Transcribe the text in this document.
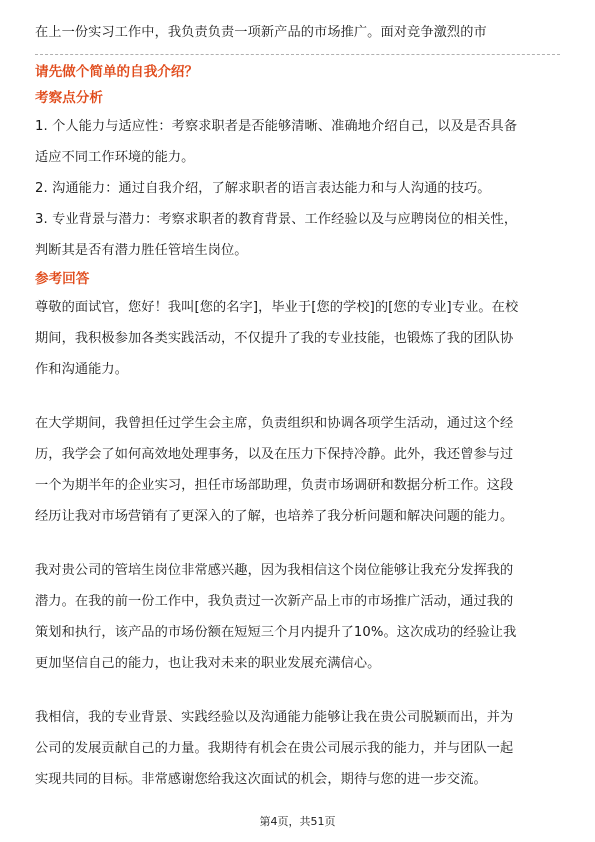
在上一份实习工作中，我负责负责一项新产品的市场推广。面对竞争激烈的市
请先做个简单的自我介绍？
考察点分析
1. 个人能力与适应性：考察求职者是否能够清晰、准确地介绍自己，以及是否具备
适应不同工作环境的能力。
2. 沟通能力：通过自我介绍，了解求职者的语言表达能力和与人沟通的技巧。
3. 专业背景与潜力：考察求职者的教育背景、工作经验以及与应聘岗位的相关性，
判断其是否有潜力胜任管培生岗位。
参考回答
尊敬的面试官，您好！我叫[您的名字]，毕业于[您的学校]的[您的专业]专业。在校
期间，我积极参加各类实践活动，不仅提升了我的专业技能，也锻炼了我的团队协
作和沟通能力。
在大学期间，我曾担任过学生会主席，负责组织和协调各项学生活动，通过这个经
历，我学会了如何高效地处理事务，以及在压力下保持冷静。此外，我还曾参与过
一个为期半年的企业实习，担任市场部助理，负责市场调研和数据分析工作。这段
经历让我对市场营销有了更深入的了解，也培养了我分析问题和解决问题的能力。
我对贵公司的管培生岗位非常感兴趣，因为我相信这个岗位能够让我充分发挥我的
潜力。在我的前一份工作中，我负责过一次新产品上市的市场推广活动，通过我的
策划和执行，该产品的市场份额在短短三个月内提升了10%。这次成功的经验让我
更加坚信自己的能力，也让我对未来的职业发展充满信心。
我相信，我的专业背景、实践经验以及沟通能力能够让我在贵公司脱颖而出，并为
公司的发展贡献自己的力量。我期待有机会在贵公司展示我的能力，并与团队一起
实现共同的目标。非常感谢您给我这次面试的机会，期待与您的进一步交流。
第4页，共51页
